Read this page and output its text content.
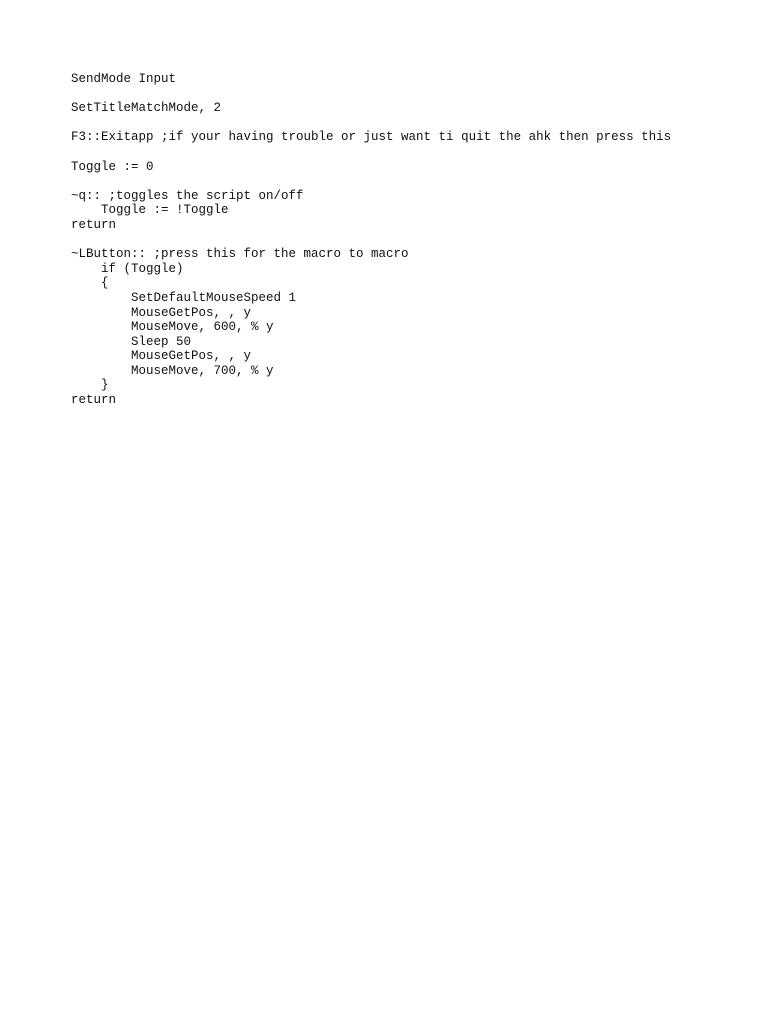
SendMode Input
SetTitleMatchMode, 2
F3::Exitapp ;if your having trouble or just want ti quit the ahk then press this
Toggle := 0
~q:: ;toggles the script on/off
Toggle := !Toggle
return
~LButton:: ;press this for the macro to macro
if (Toggle)
{
SetDefaultMouseSpeed 1
MouseGetPos, , y
MouseMove, 600, % y
Sleep 50
MouseGetPos, , y
MouseMove, 700, % y
}
return
